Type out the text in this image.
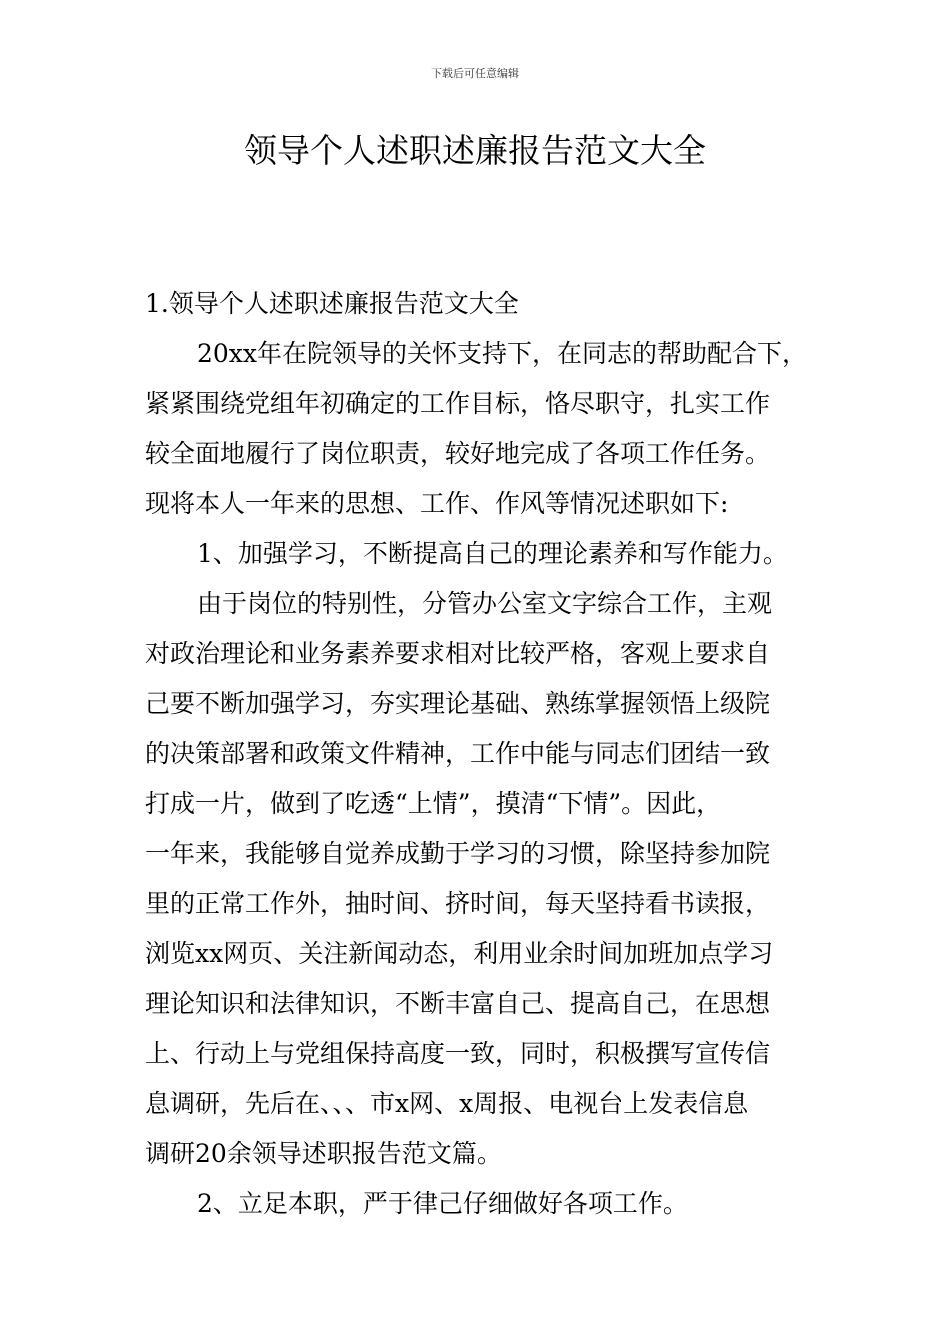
下载后可任意编辑
领导个人述职述廉报告范文大全

1.领导个人述职述廉报告范文大全

20xx年在院领导的关怀支持下，在同志的帮助配合下，

紧紧围绕党组年初确定的工作目标，恪尽职守，扎实工作

较全面地履行了岗位职责，较好地完成了各项工作任务。

现将本人一年来的思想、工作、作风等情况述职如下:

1、加强学习，不断提高自己的理论素养和写作能力。

由于岗位的特别性，分管办公室文字综合工作，主观

对政治理论和业务素养要求相对比较严格，客观上要求自

己要不断加强学习，夯实理论基础、熟练掌握领悟上级院

的决策部署和政策文件精神，工作中能与同志们团结一致

打成一片，做到了吃透“上情”，摸清“下情”。因此，

一年来，我能够自觉养成勤于学习的习惯，除坚持参加院

里的正常工作外，抽时间、挤时间，每天坚持看书读报，

浏览xx网页、关注新闻动态，利用业余时间加班加点学习

理论知识和法律知识，不断丰富自己、提高自己，在思想

上、行动上与党组保持高度一致，同时，积极撰写宣传信

息调研，先后在、、、市x网、x周报、电视台上发表信息

调研20余领导述职报告范文篇。

2、立足本职，严于律己仔细做好各项工作。
